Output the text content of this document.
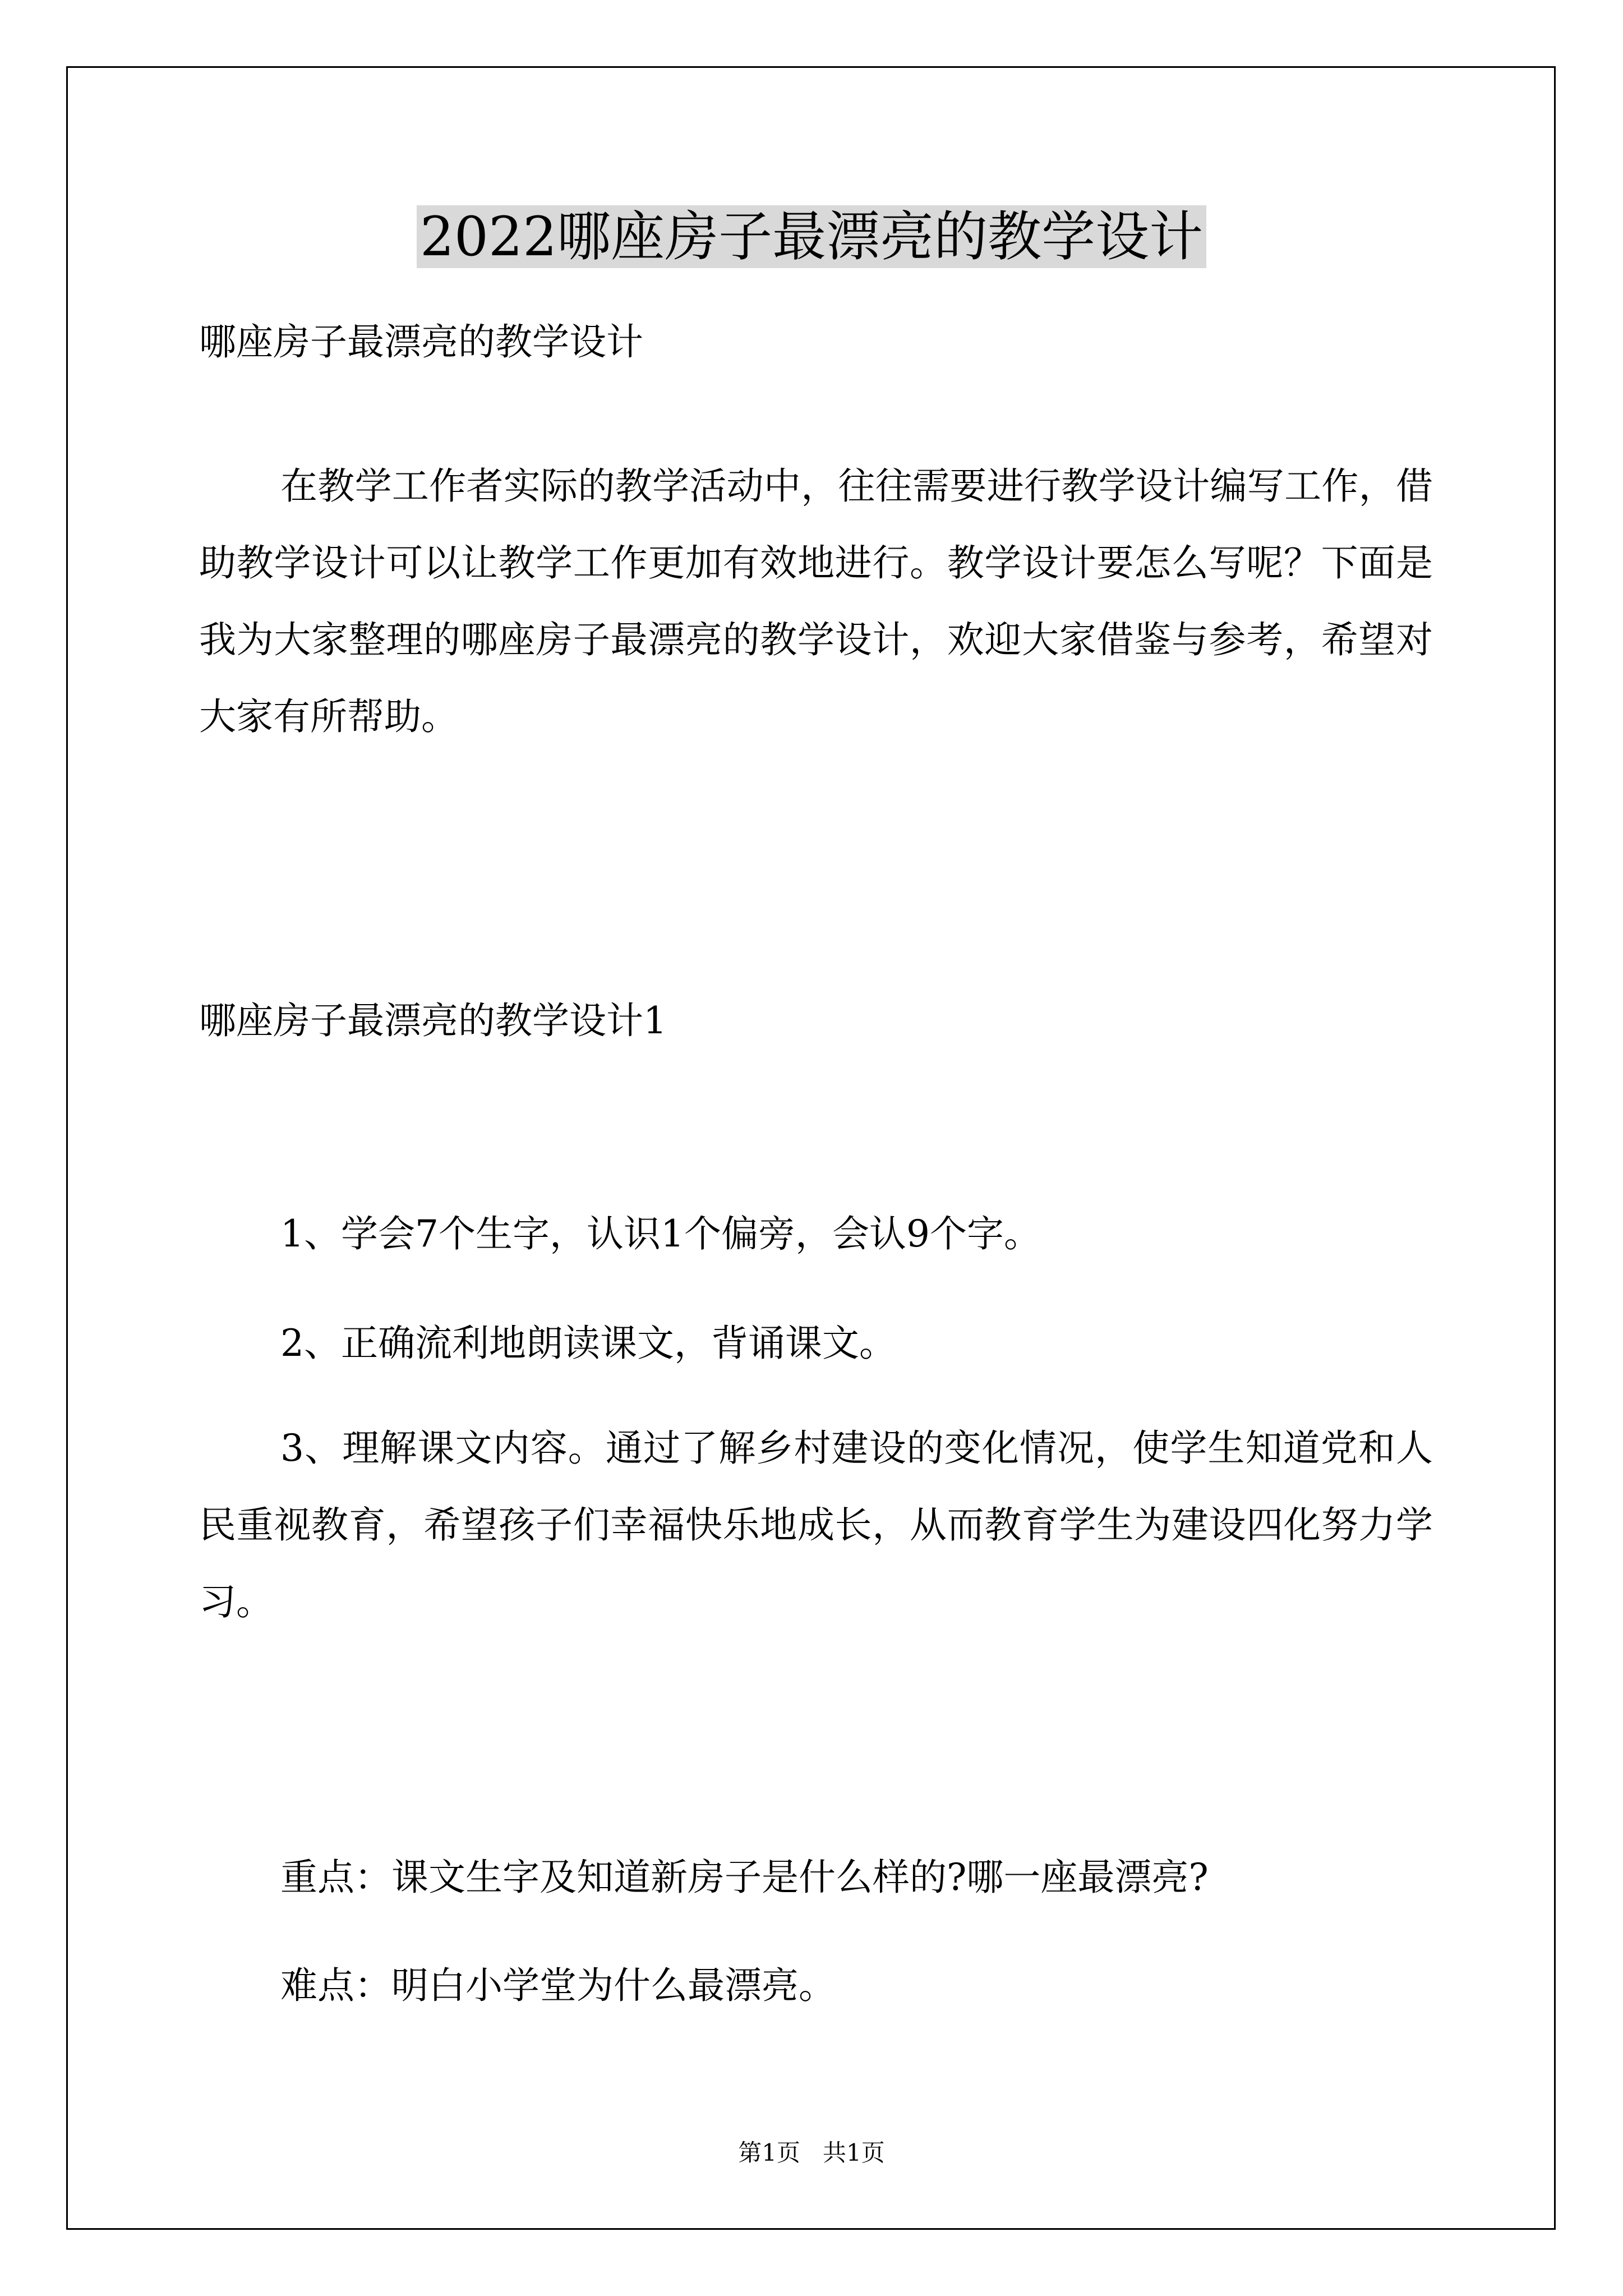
2022哪座房子最漂亮的教学设计

哪座房子最漂亮的教学设计

在教学工作者实际的教学活动中，往往需要进行教学设计编写工作，借助教学设计可以让教学工作更加有效地进行。教学设计要怎么写呢？下面是我为大家整理的哪座房子最漂亮的教学设计，欢迎大家借鉴与参考，希望对大家有所帮助。

哪座房子最漂亮的教学设计1

1、学会7个生字，认识1个偏旁，会认9个字。

2、正确流利地朗读课文，背诵课文。

3、理解课文内容。通过了解乡村建设的变化情况，使学生知道党和人民重视教育，希望孩子们幸福快乐地成长，从而教育学生为建设四化努力学习。

重点：课文生字及知道新房子是什么样的?哪一座最漂亮?

难点：明白小学堂为什么最漂亮。

第1页 共1页
